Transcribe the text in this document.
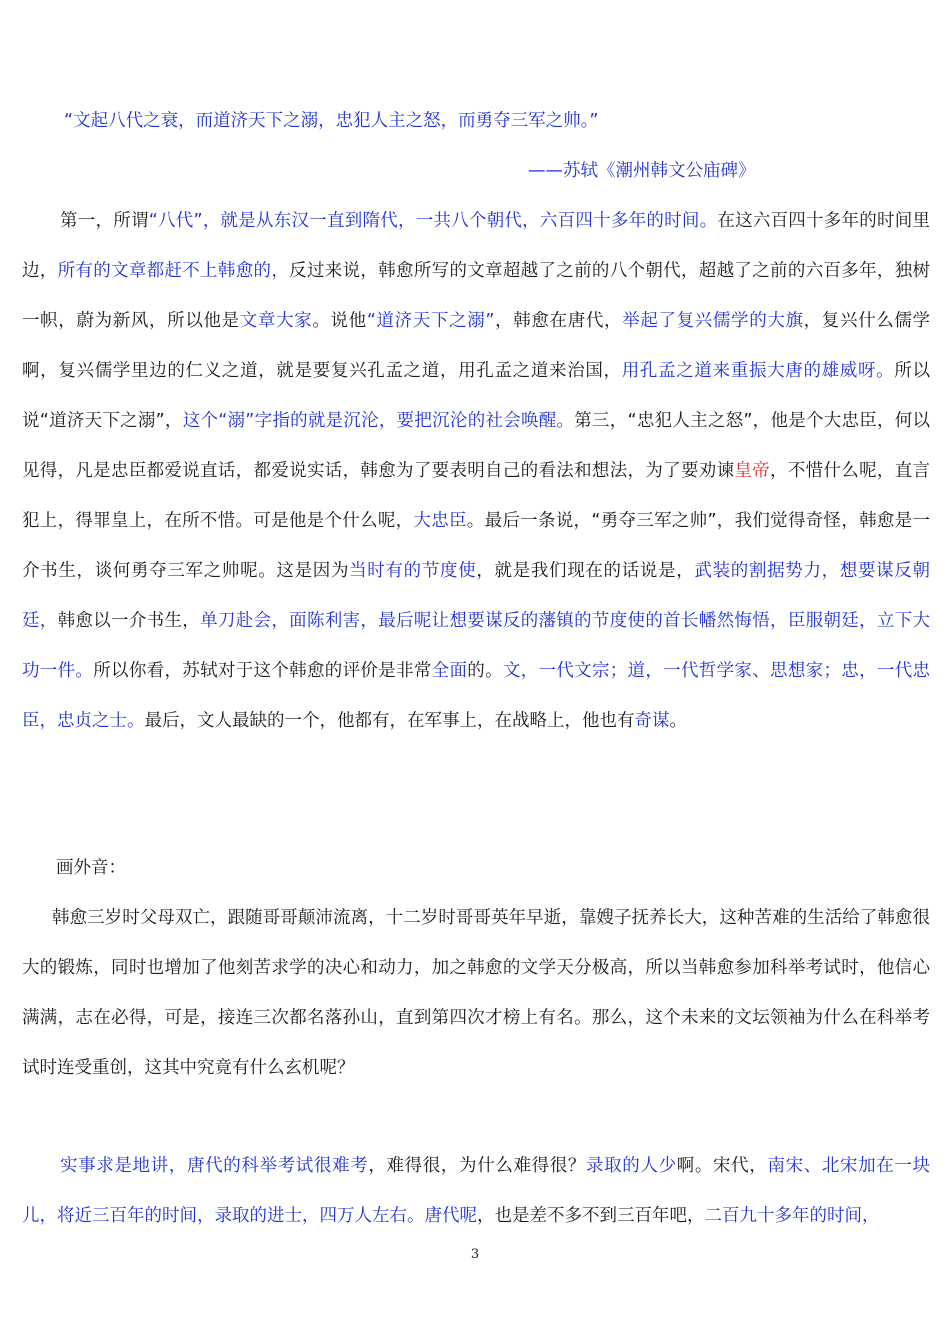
“文起八代之衰，而道济天下之溺，忠犯人主之怒，而勇夺三军之帅。”

——苏轼《潮州韩文公庙碑》

第一，所谓“八代”，就是从东汉一直到隋代，一共八个朝代，六百四十多年的时间。在这六百四十多年的时间里边，所有的文章都赶不上韩愈的，反过来说，韩愈所写的文章超越了之前的八个朝代，超越了之前的六百多年，独树一帜，蔚为新风，所以他是文章大家。说他“道济天下之溺”，韩愈在唐代，举起了复兴儒学的大旗，复兴什么儒学啊，复兴儒学里边的仁义之道，就是要复兴孔孟之道，用孔孟之道来治国，用孔孟之道来重振大唐的雄威呀。所以说“道济天下之溺”，这个“溺”字指的就是沉沦，要把沉沦的社会唤醒。第三，“忠犯人主之怒”，他是个大忠臣，何以见得，凡是忠臣都爱说直话，都爱说实话，韩愈为了要表明自己的看法和想法，为了要劝谏皇帝，不惜什么呢，直言犯上，得罪皇上，在所不惜。可是他是个什么呢，大忠臣。最后一条说，“勇夺三军之帅”，我们觉得奇怪，韩愈是一介书生，谈何勇夺三军之帅呢。这是因为当时有的节度使，就是我们现在的话说是，武装的割据势力，想要谋反朝廷，韩愈以一介书生，单刀赴会，面陈利害，最后呢让想要谋反的藩镇的节度使的首长幡然悔悟，臣服朝廷，立下大功一件。所以你看，苏轼对于这个韩愈的评价是非常全面的。文，一代文宗；道，一代哲学家、思想家；忠，一代忠臣，忠贞之士。最后，文人最缺的一个，他都有，在军事上，在战略上，他也有奇谋。

画外音：

韩愈三岁时父母双亡，跟随哥哥颠沛流离，十二岁时哥哥英年早逝，靠嫂子抚养长大，这种苦难的生活给了韩愈很大的锻炼，同时也增加了他刻苦求学的决心和动力，加之韩愈的文学天分极高，所以当韩愈参加科举考试时，他信心满满，志在必得，可是，接连三次都名落孙山，直到第四次才榜上有名。那么，这个未来的文坛领袖为什么在科举考试时连受重创，这其中究竟有什么玄机呢？

实事求是地讲，唐代的科举考试很难考，难得很，为什么难得很？录取的人少啊。宋代，南宋、北宋加在一块儿，将近三百年的时间，录取的进士，四万人左右。唐代呢，也是差不多不到三百年吧，二百九十多年的时间，

3
